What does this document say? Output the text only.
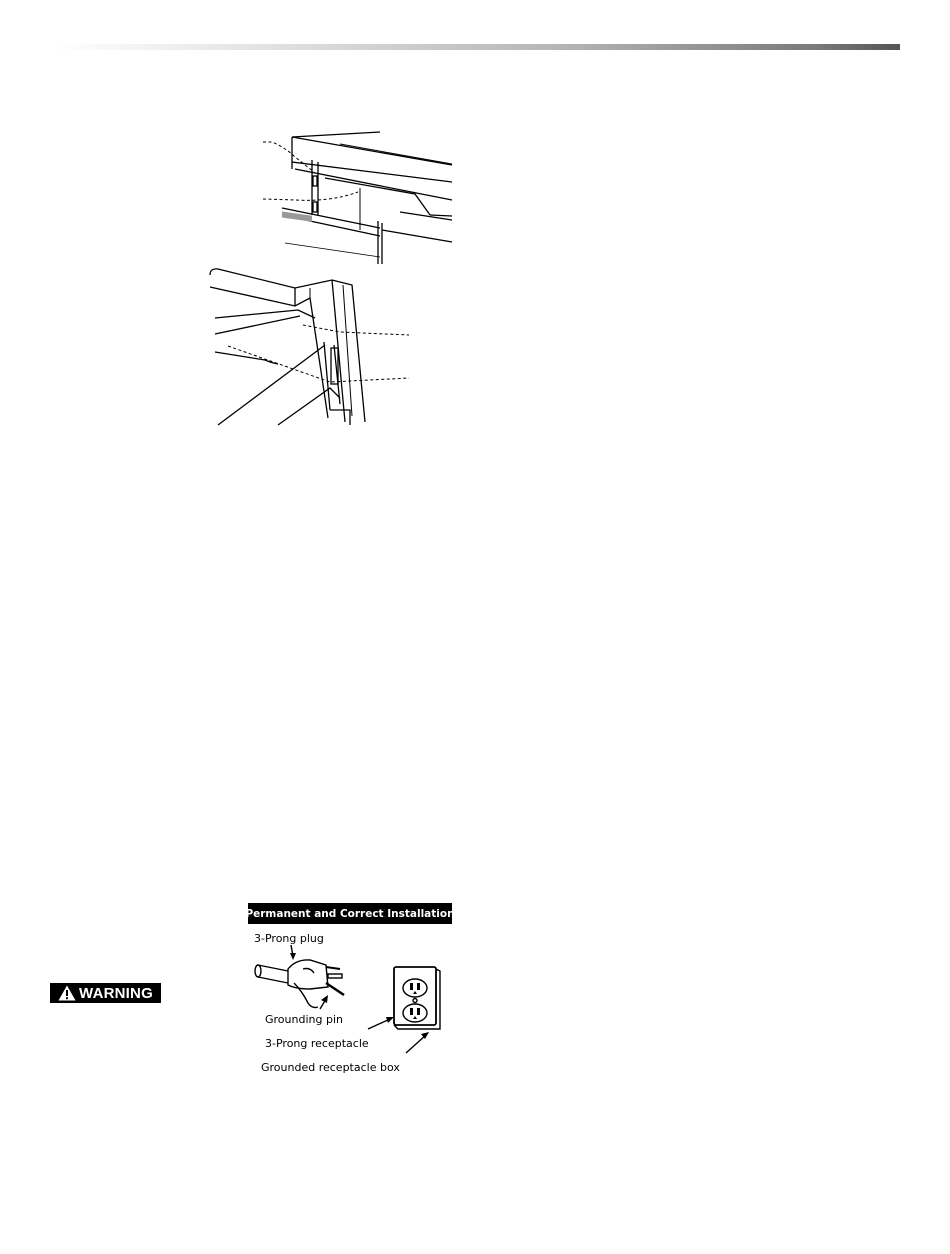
WARNING
Permanent and Correct Installation
3-Prong plug
Grounding pin
3-Prong receptacle
Grounded receptacle box
